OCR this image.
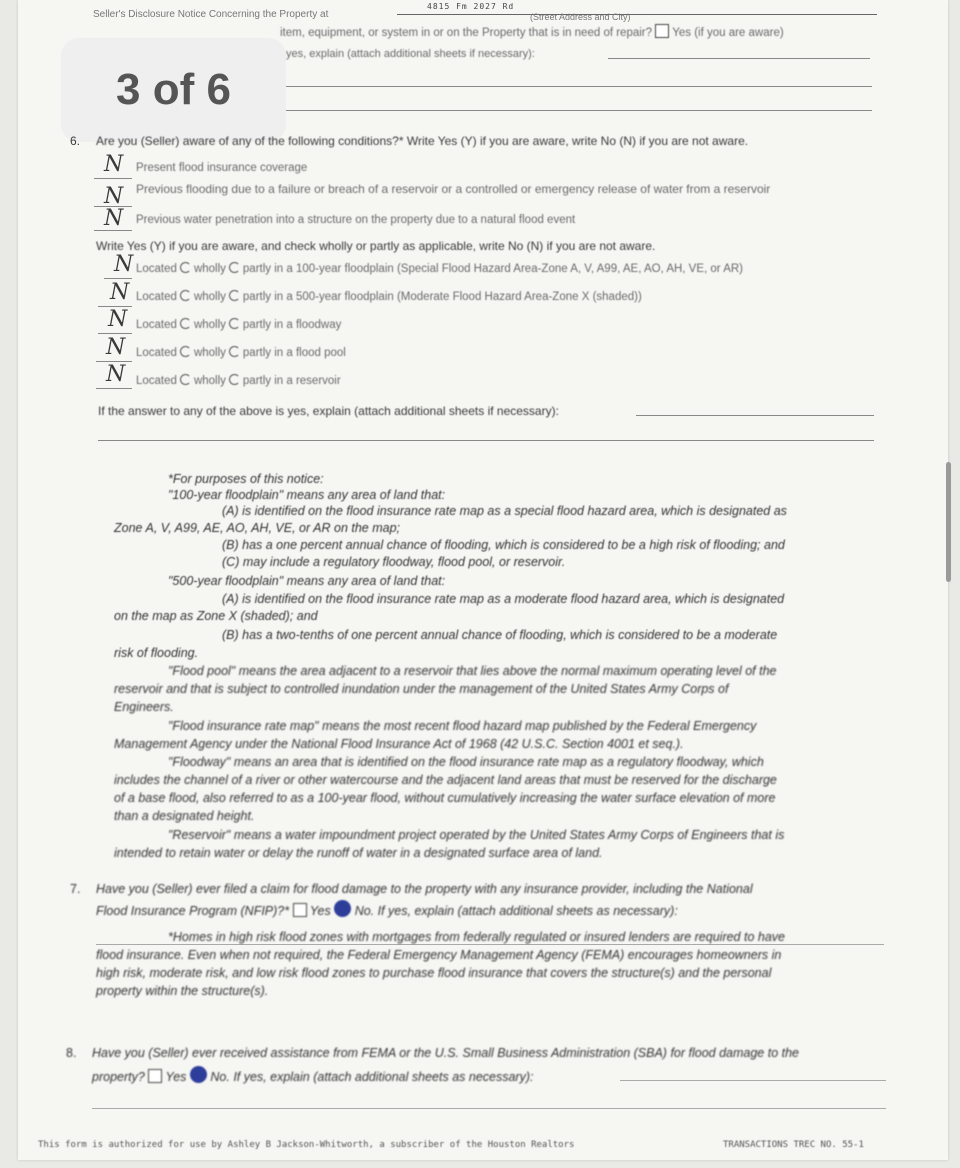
Seller's Disclosure Notice Concerning the Property at
4815 Fm 2027 Rd
(Street Address and City)
3 of 6
item, equipment, or system in or on the Property that is in need of repair? Yes (if you are aware)
yes, explain (attach additional sheets if necessary):
6. Are you (Seller) aware of any of the following conditions?* Write Yes (Y) if you are aware, write No (N) if you are not aware.
N Present flood insurance coverage
N Previous flooding due to a failure or breach of a reservoir or a controlled or emergency release of water from a reservoir
N Previous water penetration into a structure on the property due to a natural flood event
Write Yes (Y) if you are aware, and check wholly or partly as applicable, write No (N) if you are not aware.
N Located wholly partly in a 100-year floodplain (Special Flood Hazard Area-Zone A, V, A99, AE, AO, AH, VE, or AR)
N Located wholly partly in a 500-year floodplain (Moderate Flood Hazard Area-Zone X (shaded))
N Located wholly partly in a floodway
N Located wholly partly in a flood pool
N Located wholly partly in a reservoir
If the answer to any of the above is yes, explain (attach additional sheets if necessary):
*For purposes of this notice:
"100-year floodplain" means any area of land that:
(A) is identified on the flood insurance rate map as a special flood hazard area, which is designated as
Zone A, V, A99, AE, AO, AH, VE, or AR on the map;
(B) has a one percent annual chance of flooding, which is considered to be a high risk of flooding; and
(C) may include a regulatory floodway, flood pool, or reservoir.
"500-year floodplain" means any area of land that:
(A) is identified on the flood insurance rate map as a moderate flood hazard area, which is designated
on the map as Zone X (shaded); and
(B) has a two-tenths of one percent annual chance of flooding, which is considered to be a moderate
risk of flooding.
"Flood pool" means the area adjacent to a reservoir that lies above the normal maximum operating level of the
reservoir and that is subject to controlled inundation under the management of the United States Army Corps of
Engineers.
"Flood insurance rate map" means the most recent flood hazard map published by the Federal Emergency
Management Agency under the National Flood Insurance Act of 1968 (42 U.S.C. Section 4001 et seq.).
"Floodway" means an area that is identified on the flood insurance rate map as a regulatory floodway, which
includes the channel of a river or other watercourse and the adjacent land areas that must be reserved for the discharge
of a base flood, also referred to as a 100-year flood, without cumulatively increasing the water surface elevation of more
than a designated height.
"Reservoir" means a water impoundment project operated by the United States Army Corps of Engineers that is
intended to retain water or delay the runoff of water in a designated surface area of land.
7. Have you (Seller) ever filed a claim for flood damage to the property with any insurance provider, including the National
Flood Insurance Program (NFIP)?* Yes No. If yes, explain (attach additional sheets as necessary):
*Homes in high risk flood zones with mortgages from federally regulated or insured lenders are required to have
flood insurance. Even when not required, the Federal Emergency Management Agency (FEMA) encourages homeowners in
high risk, moderate risk, and low risk flood zones to purchase flood insurance that covers the structure(s) and the personal
property within the structure(s).
8. Have you (Seller) ever received assistance from FEMA or the U.S. Small Business Administration (SBA) for flood damage to the
property? Yes No. If yes, explain (attach additional sheets as necessary):
This form is authorized for use by Ashley B Jackson-Whitworth, a subscriber of the Houston Realtors	TRANSACTIONS TREC NO. 55-1
